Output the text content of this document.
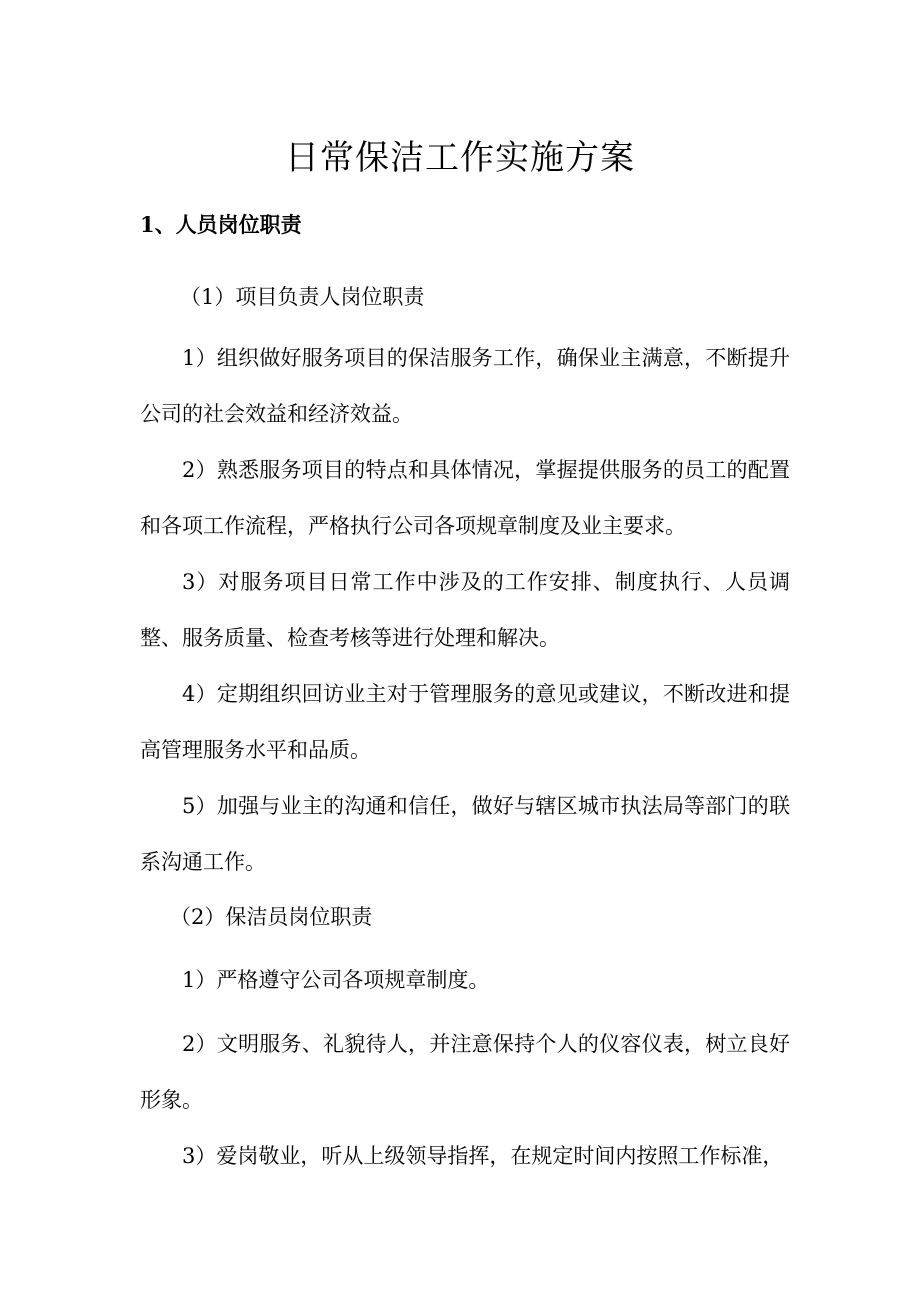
日常保洁工作实施方案

1、人员岗位职责

（1）项目负责人岗位职责

1）组织做好服务项目的保洁服务工作，确保业主满意，不断提升公司的社会效益和经济效益。

2）熟悉服务项目的特点和具体情况，掌握提供服务的员工的配置和各项工作流程，严格执行公司各项规章制度及业主要求。

3）对服务项目日常工作中涉及的工作安排、制度执行、人员调整、服务质量、检查考核等进行处理和解决。

4）定期组织回访业主对于管理服务的意见或建议，不断改进和提高管理服务水平和品质。

5）加强与业主的沟通和信任，做好与辖区城市执法局等部门的联系沟通工作。

（2）保洁员岗位职责

1）严格遵守公司各项规章制度。

2）文明服务、礼貌待人，并注意保持个人的仪容仪表，树立良好形象。

3）爱岗敬业，听从上级领导指挥，在规定时间内按照工作标准，
